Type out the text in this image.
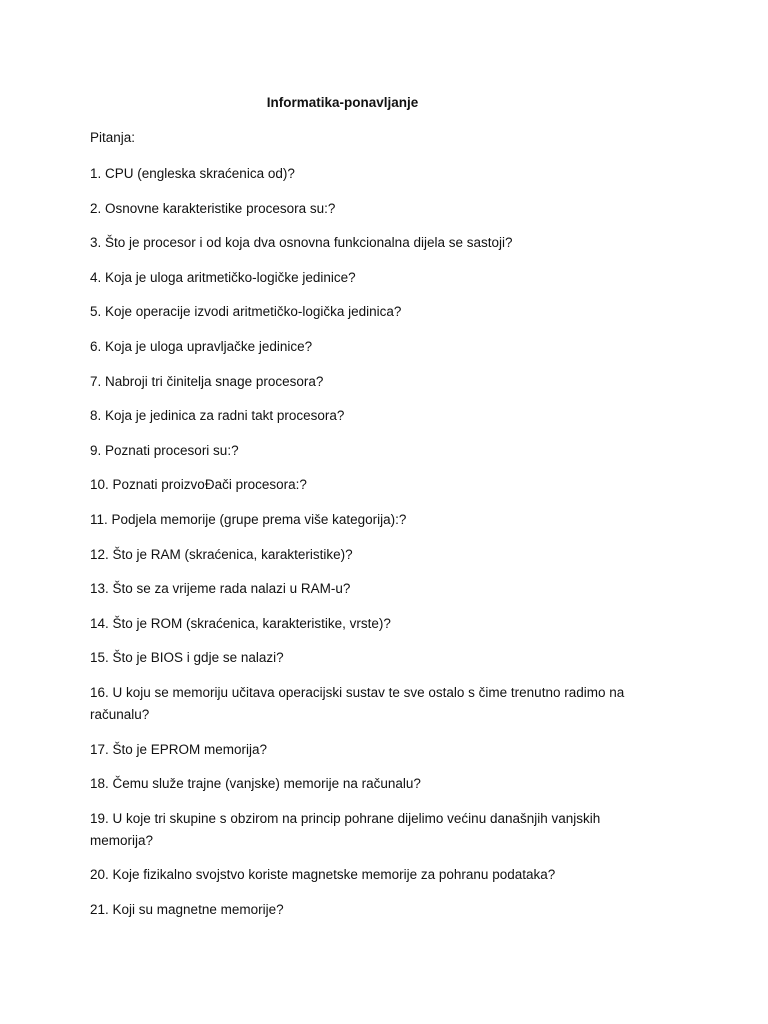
Informatika-ponavljanje
Pitanja:
1. CPU (engleska skraćenica od)?
2. Osnovne karakteristike procesora su:?
3. Što je procesor i od koja dva osnovna funkcionalna dijela se sastoji?
4. Koja je uloga aritmetičko-logičke jedinice?
5. Koje operacije izvodi aritmetičko-logička jedinica?
6. Koja je uloga upravljačke jedinice?
7. Nabroji tri činitelja snage procesora?
8. Koja je jedinica za radni takt procesora?
9. Poznati procesori su:?
10. Poznati proizvoĐači procesora:?
11. Podjela memorije (grupe prema više kategorija):?
12. Što je RAM (skraćenica, karakteristike)?
13. Što se za vrijeme rada nalazi u RAM-u?
14. Što je ROM (skraćenica, karakteristike, vrste)?
15. Što je BIOS i gdje se nalazi?
16. U koju se memoriju učitava operacijski sustav te sve ostalo s čime trenutno radimo na računalu?
17. Što je EPROM memorija?
18. Čemu služe trajne (vanjske) memorije na računalu?
19. U koje tri skupine s obzirom na princip pohrane dijelimo većinu današnjih vanjskih memorija?
20. Koje fizikalno svojstvo koriste magnetske memorije za pohranu podataka?
21. Koji su magnetne memorije?
